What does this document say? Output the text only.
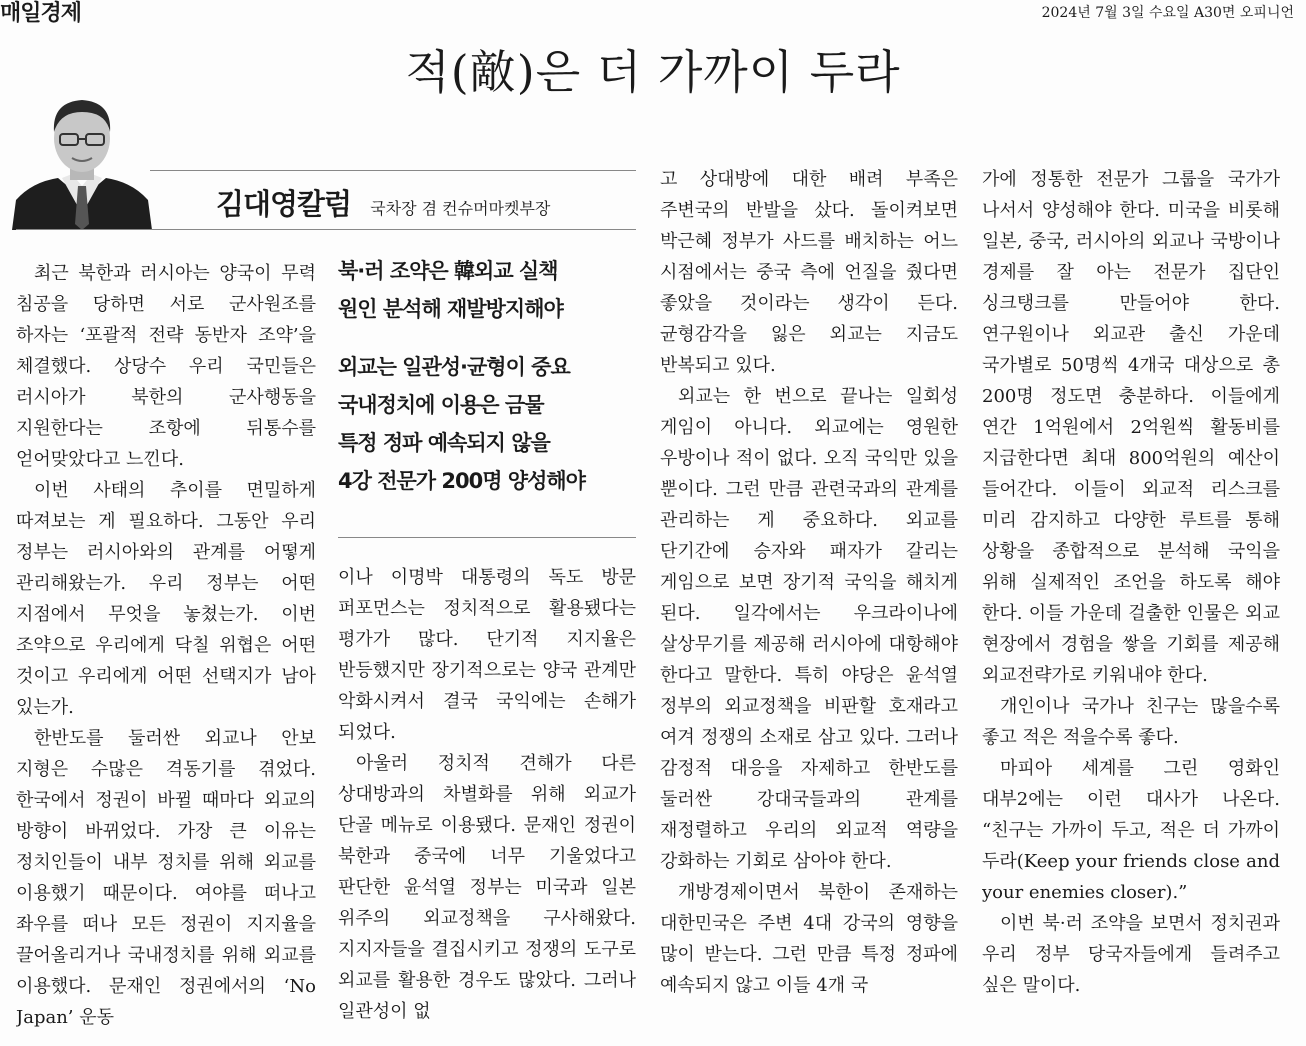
매일경제	2024년 7월 3일 수요일 A30면 오피니언
적(敵)은 더 가까이 두라
김대영칼럼 국차장 겸 컨슈머마켓부장
북·러 조약은 韓외교 실책
원인 분석해 재발방지해야
외교는 일관성·균형이 중요
국내정치에 이용은 금물
특정 정파 예속되지 않을
4강 전문가 200명 양성해야

최근 북한과 러시아는 양국이 무력 침공을 당하면 서로 군사원조를 하자는 ‘포괄적 전략 동반자 조약’을 체결했다. 상당수 우리 국민들은 러시아가 북한의 군사행동을 지원한다는 조항에 뒤통수를 얻어맞았다고 느낀다.

이번 사태의 추이를 면밀하게 따져보는 게 필요하다. 그동안 우리 정부는 러시아와의 관계를 어떻게 관리해왔는가. 우리 정부는 어떤 지점에서 무엇을 놓쳤는가. 이번 조약으로 우리에게 닥칠 위협은 어떤 것이고 우리에게 어떤 선택지가 남아 있는가.

한반도를 둘러싼 외교나 안보 지형은 수많은 격동기를 겪었다. 한국에서 정권이 바뀔 때마다 외교의 방향이 바뀌었다. 가장 큰 이유는 정치인들이 내부 정치를 위해 외교를 이용했기 때문이다. 여야를 떠나고 좌우를 떠나 모든 정권이 지지율을 끌어올리거나 국내정치를 위해 외교를 이용했다. 문재인 정권에서의 ‘No Japan’ 운동

이나 이명박 대통령의 독도 방문 퍼포먼스는 정치적으로 활용됐다는 평가가 많다. 단기적 지지율은 반등했지만 장기적으로는 양국 관계만 악화시켜서 결국 국익에는 손해가 되었다.

아울러 정치적 견해가 다른 상대방과의 차별화를 위해 외교가 단골 메뉴로 이용됐다. 문재인 정권이 북한과 중국에 너무 기울었다고 판단한 윤석열 정부는 미국과 일본 위주의 외교정책을 구사해왔다. 지지자들을 결집시키고 정쟁의 도구로 외교를 활용한 경우도 많았다. 그러나 일관성이 없

고 상대방에 대한 배려 부족은 주변국의 반발을 샀다. 돌이켜보면 박근혜 정부가 사드를 배치하는 어느 시점에서는 중국 측에 언질을 줬다면 좋았을 것이라는 생각이 든다. 균형감각을 잃은 외교는 지금도 반복되고 있다.

외교는 한 번으로 끝나는 일회성 게임이 아니다. 외교에는 영원한 우방이나 적이 없다. 오직 국익만 있을 뿐이다. 그런 만큼 관련국과의 관계를 관리하는 게 중요하다. 외교를 단기간에 승자와 패자가 갈리는 게임으로 보면 장기적 국익을 해치게 된다. 일각에서는 우크라이나에 살상무기를 제공해 러시아에 대항해야 한다고 말한다. 특히 야당은 윤석열 정부의 외교정책을 비판할 호재라고 여겨 정쟁의 소재로 삼고 있다. 그러나 감정적 대응을 자제하고 한반도를 둘러싼 강대국들과의 관계를 재정렬하고 우리의 외교적 역량을 강화하는 기회로 삼아야 한다.

개방경제이면서 북한이 존재하는 대한민국은 주변 4대 강국의 영향을 많이 받는다. 그런 만큼 특정 정파에 예속되지 않고 이들 4개 국

가에 정통한 전문가 그룹을 국가가 나서서 양성해야 한다. 미국을 비롯해 일본, 중국, 러시아의 외교나 국방이나 경제를 잘 아는 전문가 집단인 싱크탱크를 만들어야 한다. 연구원이나 외교관 출신 가운데 국가별로 50명씩 4개국 대상으로 총 200명 정도면 충분하다. 이들에게 연간 1억원에서 2억원씩 활동비를 지급한다면 최대 800억원의 예산이 들어간다. 이들이 외교적 리스크를 미리 감지하고 다양한 루트를 통해 상황을 종합적으로 분석해 국익을 위해 실제적인 조언을 하도록 해야 한다. 이들 가운데 걸출한 인물은 외교 현장에서 경험을 쌓을 기회를 제공해 외교전략가로 키워내야 한다.

개인이나 국가나 친구는 많을수록 좋고 적은 적을수록 좋다.

마피아 세계를 그린 영화인 대부2에는 이런 대사가 나온다. “친구는 가까이 두고, 적은 더 가까이 두라(Keep your friends close and your enemies closer).”

이번 북·러 조약을 보면서 정치권과 우리 정부 당국자들에게 들려주고 싶은 말이다.
